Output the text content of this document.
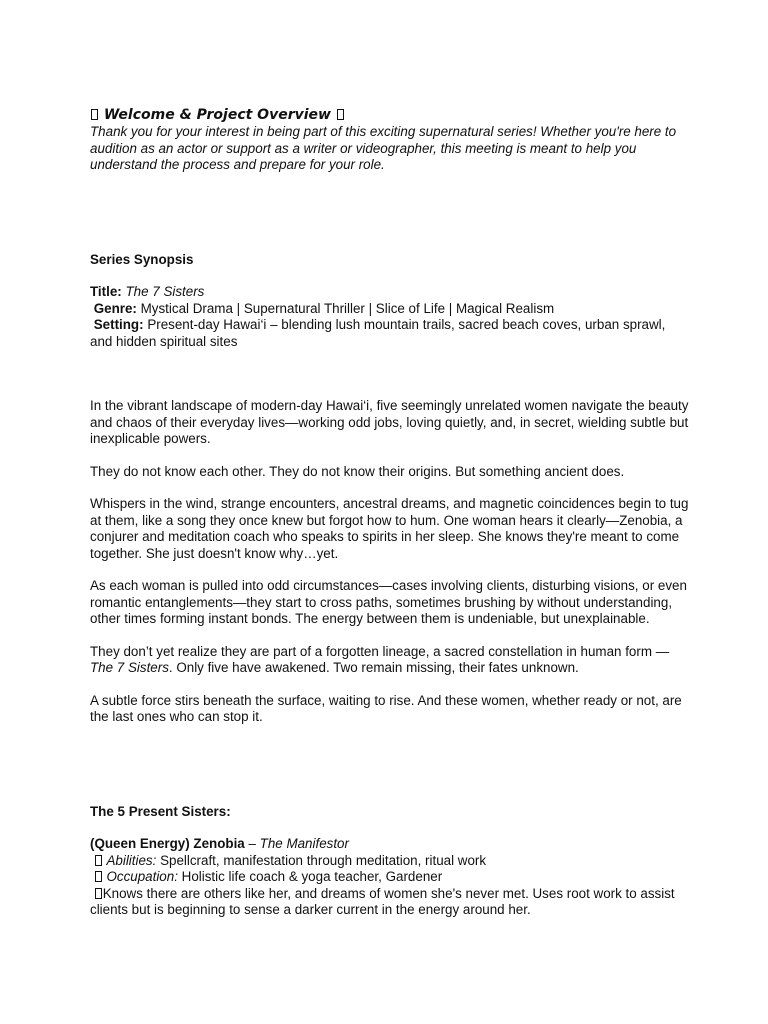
Welcome & Project Overview

Thank you for your interest in being part of this exciting supernatural series! Whether you're here to audition as an actor or support as a writer or videographer, this meeting is meant to help you understand the process and prepare for your role.

Series Synopsis

Title: The 7 Sisters

Genre: Mystical Drama | Supernatural Thriller | Slice of Life | Magical Realism

Setting: Present-day Hawai‘i – blending lush mountain trails, sacred beach coves, urban sprawl, and hidden spiritual sites

In the vibrant landscape of modern-day Hawai‘i, five seemingly unrelated women navigate the beauty and chaos of their everyday lives—working odd jobs, loving quietly, and, in secret, wielding subtle but inexplicable powers.

They do not know each other. They do not know their origins. But something ancient does.

Whispers in the wind, strange encounters, ancestral dreams, and magnetic coincidences begin to tug at them, like a song they once knew but forgot how to hum. One woman hears it clearly—Zenobia, a conjurer and meditation coach who speaks to spirits in her sleep. She knows they're meant to come together. She just doesn't know why…yet.

As each woman is pulled into odd circumstances—cases involving clients, disturbing visions, or even romantic entanglements—they start to cross paths, sometimes brushing by without understanding, other times forming instant bonds. The energy between them is undeniable, but unexplainable.

They don’t yet realize they are part of a forgotten lineage, a sacred constellation in human form —The 7 Sisters. Only five have awakened. Two remain missing, their fates unknown.

A subtle force stirs beneath the surface, waiting to rise. And these women, whether ready or not, are the last ones who can stop it.

The 5 Present Sisters:

(Queen Energy) Zenobia – The Manifestor

Abilities: Spellcraft, manifestation through meditation, ritual work

Occupation: Holistic life coach & yoga teacher, Gardener

Knows there are others like her, and dreams of women she's never met. Uses root work to assist clients but is beginning to sense a darker current in the energy around her.
